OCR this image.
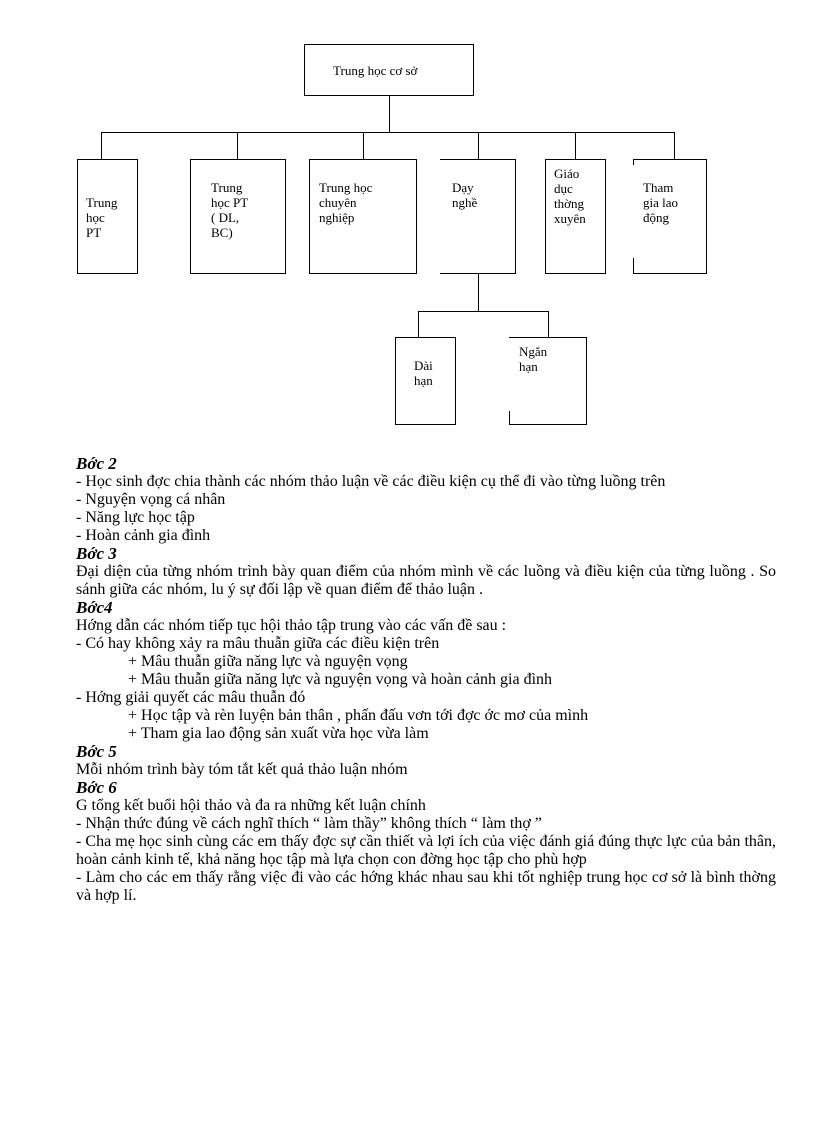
Trung học cơ sở
Trung
học
PT
Trung
học PT
( DL,
BC)
Trung học
chuyên
nghiệp
Dạy
nghề
Giáo
dục
thờng
xuyên
Tham
gia lao
động
Dài
hạn
Ngắn
hạn

Bớc 2

- Học sinh đợc chia thành các nhóm thảo luận về các điều kiện cụ thể đi vào từng luồng trên

- Nguyện vọng cá nhân

- Năng lực học tập

- Hoàn cảnh gia đình

Bớc 3

Đại diện của từng nhóm trình bày quan điểm của nhóm mình về các luồng và điều kiện của từng luồng . So sánh giữa các nhóm, lu ý sự đối lập về quan điểm để thảo luận .

Bớc4

Hớng dẫn các nhóm tiếp tục hội thảo tập trung vào các vấn đề sau :

- Có hay không xảy ra mâu thuẫn giữa các điều kiện trên

+ Mâu thuẫn giữa năng lực và nguyện vọng

+ Mâu thuẫn giữa năng lực và nguyện vọng và hoàn cảnh gia đình

- Hớng giải quyết các mâu thuẫn đó

+ Học tập và rèn luyện bản thân , phấn đấu vơn tới đợc ớc mơ của mình

+ Tham gia lao động sản xuất vừa học vừa làm

Bớc 5

Mỗi nhóm trình bày tóm tắt kết quả thảo luận nhóm

Bớc 6

G tổng kết buổi hội thảo và đa ra những kết luận chính

- Nhận thức đúng về cách nghĩ thích “ làm thầy” không thích “ làm thợ ”

- Cha mẹ học sinh cùng các em thấy đợc sự cần thiết và lợi ích của việc đánh giá đúng thực lực của bản thân, hoàn cảnh kinh tế, khả năng học tập mà lựa chọn con đờng học tập cho phù hợp

- Làm cho các em thấy rằng việc đi vào các hớng khác nhau sau khi tốt nghiệp trung học cơ sở là bình thờng và hợp lí.
